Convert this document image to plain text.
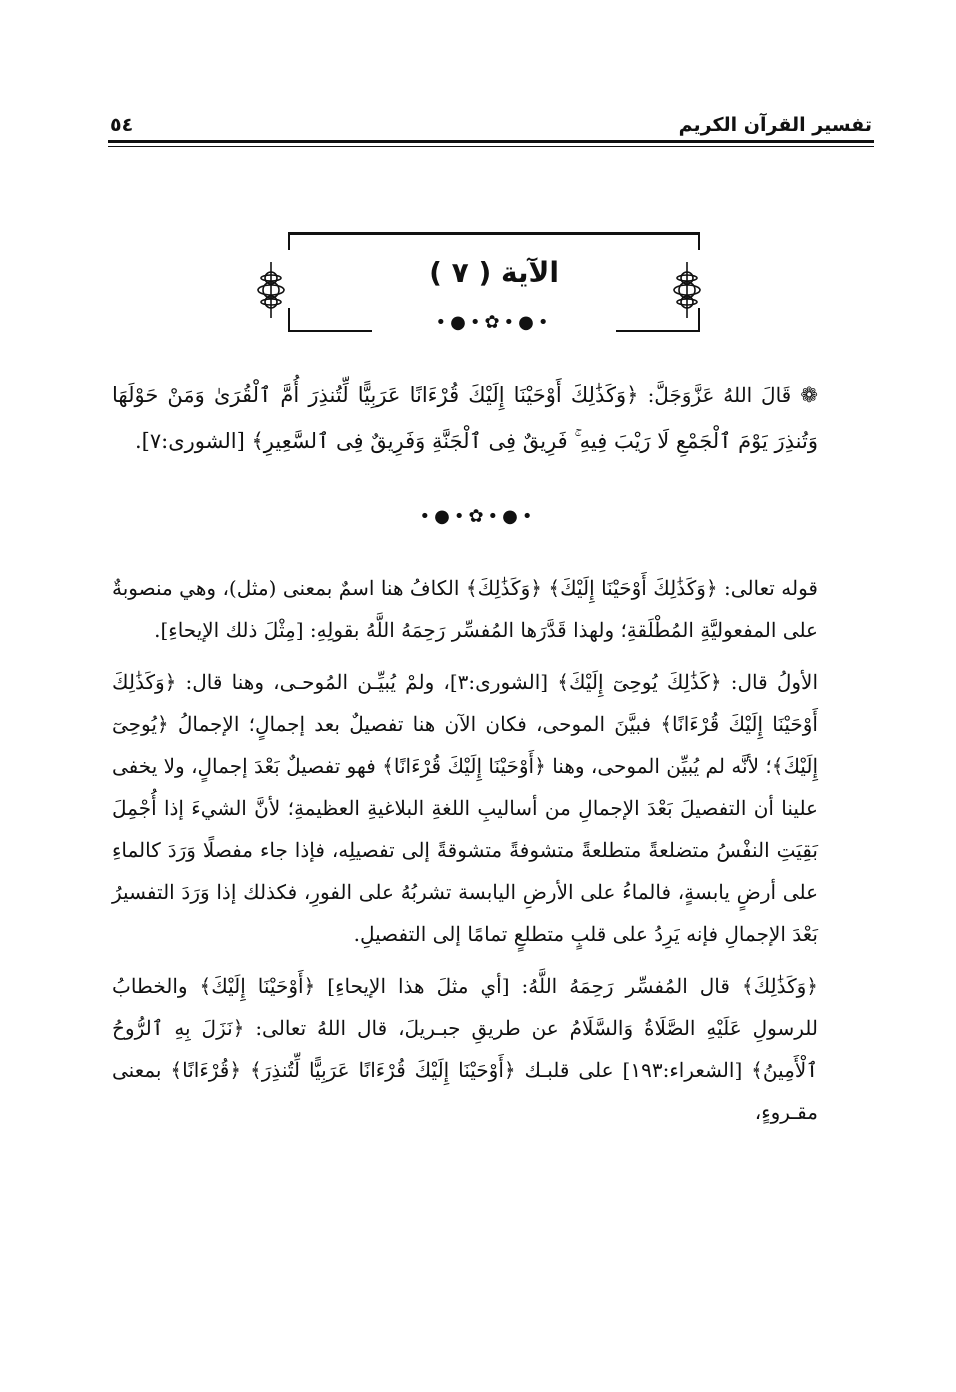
تفسير القرآن الكريم
٥٤
الآية ( ٧ )
•●•✿•●•
❁ قَالَ اللهُ عَزَّوَجَلَّ: ﴿وَكَذَٰلِكَ أَوْحَيْنَا إِلَيْكَ قُرْءَانًا عَرَبِيًّا لِّتُنذِرَ أُمَّ ٱلْقُرَىٰ وَمَنْ حَوْلَهَا وَتُنذِرَ يَوْمَ ٱلْجَمْعِ لَا رَيْبَ فِيهِ ۚ فَرِيقٌ فِى ٱلْجَنَّةِ وَفَرِيقٌ فِى ٱلسَّعِيرِ﴾ [الشورى:٧].
•●•✿•●•

قوله تعالى: ﴿وَكَذَٰلِكَ أَوْحَيْنَا إِلَيْكَ﴾ ﴿وَكَذَٰلِكَ﴾ الكافُ هنا اسمٌ بمعنى (مثل)، وهي منصوبةٌ على المفعوليَّةِ المُطْلَقةِ؛ ولهذا قَدَّرَها المُفسِّر رَحِمَهُ اللَّهُ بقولِهِ: [مِثْلَ ذلك الإيحاءِ].

الأولُ قال: ﴿كَذَٰلِكَ يُوحِىٓ إِلَيْكَ﴾ [الشورى:٣]، ولمْ يُبيِّـن المُوحـى، وهنا قال: ﴿وَكَذَٰلِكَ أَوْحَيْنَا إِلَيْكَ قُرْءَانًا﴾ فبيَّنَ الموحى، فكان الآن هنا تفصيلٌ بعد إجمالٍ؛ الإجمالُ ﴿يُوحِىٓ إِلَيْكَ﴾؛ لأنَّه لم يُبيِّن الموحى، وهنا ﴿أَوْحَيْنَا إِلَيْكَ قُرْءَانًا﴾ فهو تفصيلٌ بَعْدَ إجمالٍ، ولا يخفى علينا أن التفصيلَ بَعْدَ الإجمالِ من أساليبِ اللغةِ البلاغيةِ العظيمةِ؛ لأنَّ الشيءَ إذا أُجْمِلَ بَقِيَتِ النفْسُ متضلعةً متطلعةً متشوفةً متشوقةً إلى تفصيلِه، فإذا جاء مفصلًا وَرَدَ كالماءِ على أرضٍ يابسةٍ، فالماءُ على الأرضِ اليابسة تشربُهُ على الفورِ، فكذلك إذا وَرَدَ التفسيرُ بَعْدَ الإجمالِ فإنه يَرِدُ على قلبٍ متطلعٍ تمامًا إلى التفصيلِ.

﴿وَكَذَٰلِكَ﴾ قال المُفسِّر رَحِمَهُ اللَّهُ: [أي مثلَ هذا الإيحاءِ] ﴿أَوْحَيْنَا إِلَيْكَ﴾ والخطابُ للرسولِ عَلَيْهِ الصَّلَاةُ وَالسَّلَامُ عن طريقِ جبـريلَ، قال اللهُ تعالى: ﴿نَزَلَ بِهِ ٱلرُّوحُ ٱلْأَمِينُ﴾ [الشعراء:١٩٣] على قلبـك ﴿أَوْحَيْنَا إِلَيْكَ قُرْءَانًا عَرَبِيًّا لِّتُنذِرَ﴾ ﴿قُرْءَانًا﴾ بمعنى مقـروءٍ،
